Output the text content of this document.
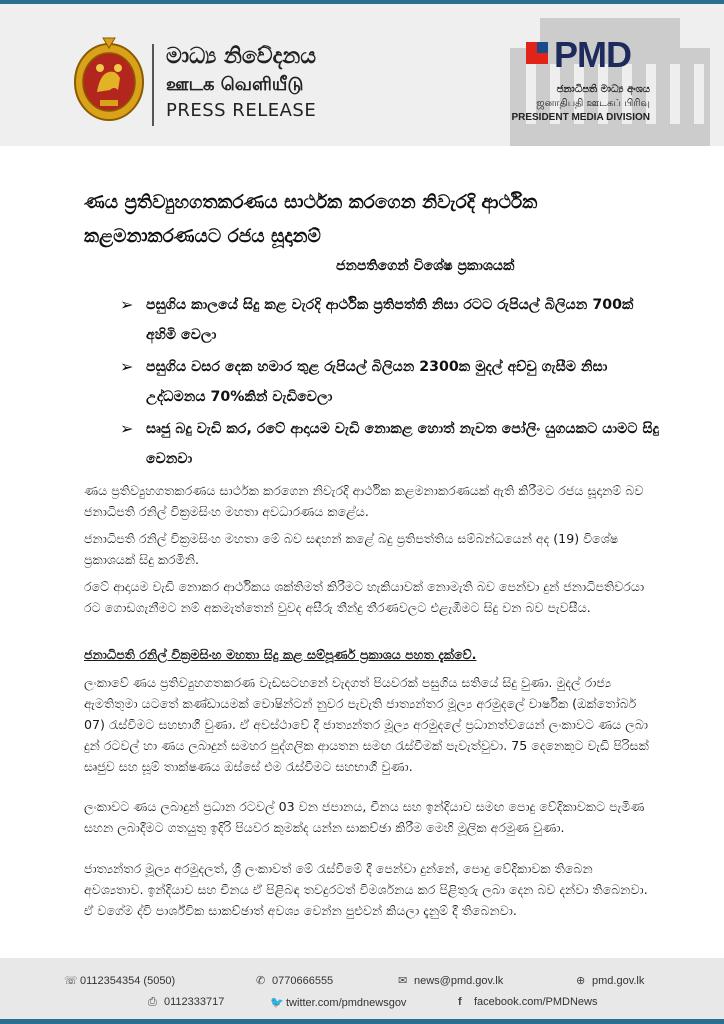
මාධ්‍ය නිවේදනය
ஊடக வெளியீடு
PRESS RELEASE
PMD
ජනාධිපති මාධ්‍ය අංශය
ஜனாதிபதி ஊடகப் பிரிவு
PRESIDENT MEDIA DIVISION
ණය ප්‍රතිව්‍යුහගතකරණය සාර්ථක කරගෙන නිවැරදි ආර්ථික කළමනාකරණයට රජය සූදානම්
ජනපතිගෙන් විශේෂ ප්‍රකාශයක්
➢ පසුගිය කාලයේ සිදු කළ වැරදි ආර්ථික ප්‍රතිපත්ති නිසා රටට රුපියල් බිලියන 700ක් අහිමි වෙලා
➢ පසුගිය වසර දෙක හමාර තුළ රුපියල් බිලියන 2300ක මුදල් අච්චු ගැසීම නිසා උද්ධමනය 70%කින් වැඩිවෙලා
➢ සෘජු බදු වැඩි කර, රටේ ආදායම වැඩි නොකළ හොත් නැවත පෝලිං යුගයකට යාමට සිදු වෙනවා
ණය ප්‍රතිව්‍යුහගතකරණය සාර්ථක කරගෙන නිවැරදි ආර්ථික කළමනාකරණයක් ඇති කිරීමට රජය සූදානම් බව ජනාධිපති රනිල් වික්‍රමසිංහ මහතා අවධාරණය කළේය.
ජනාධිපති රනිල් වික්‍රමසිංහ මහතා මේ බව සඳහන් කළේ බදු ප්‍රතිපත්තිය සම්බන්ධයෙන් අද (19) විශේෂ ප්‍රකාශයක් සිදු කරමිනි.
රටේ ආදායම වැඩි නොකර ආර්ථිකය ශක්තිමත් කිරීමට හැකියාවක් නොමැති බව පෙන්වා දුන් ජනාධිපතිවරයා රට ගොඩගැනීමට නම් අකමැත්තෙන් වුවද අසීරු තීන්දු තීරණවලට එළැඹීමට සිදු වන බව පැවසීය.
ජනාධිපති රනිල් වික්‍රමසිංහ මහතා සිදු කළ සම්පූර්ණ ප්‍රකාශය පහත දැක්වේ.
ලංකාවේ ණය ප්‍රතිව්‍යුහගතකරණ වැඩසටහනේ වැදගත් පියවරක් පසුගිය සතියේ සිදු වුණා. මුදල් රාජ්‍ය ඇමතිතුමා යටතේ කණ්ඩායමක් වොෂින්ටන් නුවර පැවැති ජාත්‍යන්තර මූල්‍ය අරමුදලේ වාර්ෂික (ඔක්තෝබර් 07) රැස්වීමට සහභාගී වුණා. ඒ අවස්ථාවේ දී ජාත්‍යන්තර මූල්‍ය අරමුදලේ ප්‍රධානත්වයෙන් ලංකාවට ණය ලබා දුන් රටවල් හා ණය ලබාදුන් සමහර පුද්ගලික ආයතන සමඟ රැස්වීමක් පැවැත්වුවා. 75 දෙනෙකුට වැඩි පිරිසක් සෘජුව සහ සූම් තාක්ෂණය ඔස්සේ එම රැස්වීමට සහභාගී වුණා.
ලංකාවට ණය ලබාදුන් ප්‍රධාන රටවල් 03 වන ජපානය, චීනය සහ ඉන්දියාව සමඟ පොදු වේදිකාවකට පැමිණ සහන ලබාදීමට ගතයුතු ඉදිරි පියවර කුමක්ද යන්න සාකච්ඡා කිරීම මෙහි මූලික අරමුණ වුණා.
ජාත්‍යන්තර මූල්‍ය අරමුදලත්, ශ්‍රී ලංකාවත් මේ රැස්වීමේ දී පෙන්වා දුන්නේ, පොදු වේදිකාවක තිබෙන අවශ්‍යතාව. ඉන්දියාව සහ චීනය ඒ පිළිබඳ තවදුරටත් විමර්ශනය කර පිළිතුරු ලබා දෙන බව දන්වා තිබෙනවා. ඒ වගේම ද්වි පාර්ශ්වික සාකච්ඡාත් අවශ්‍ය වෙන්න පුළුවන් කියලා දැනුම් දී තිබෙනවා.
☏ 0112354354 (5050)	✆ 0770666555	✉ news@pmd.gov.lk	⊕ pmd.gov.lk
⎙ 0112333717	🐦 twitter.com/pmdnewsgov	f facebook.com/PMDNews
